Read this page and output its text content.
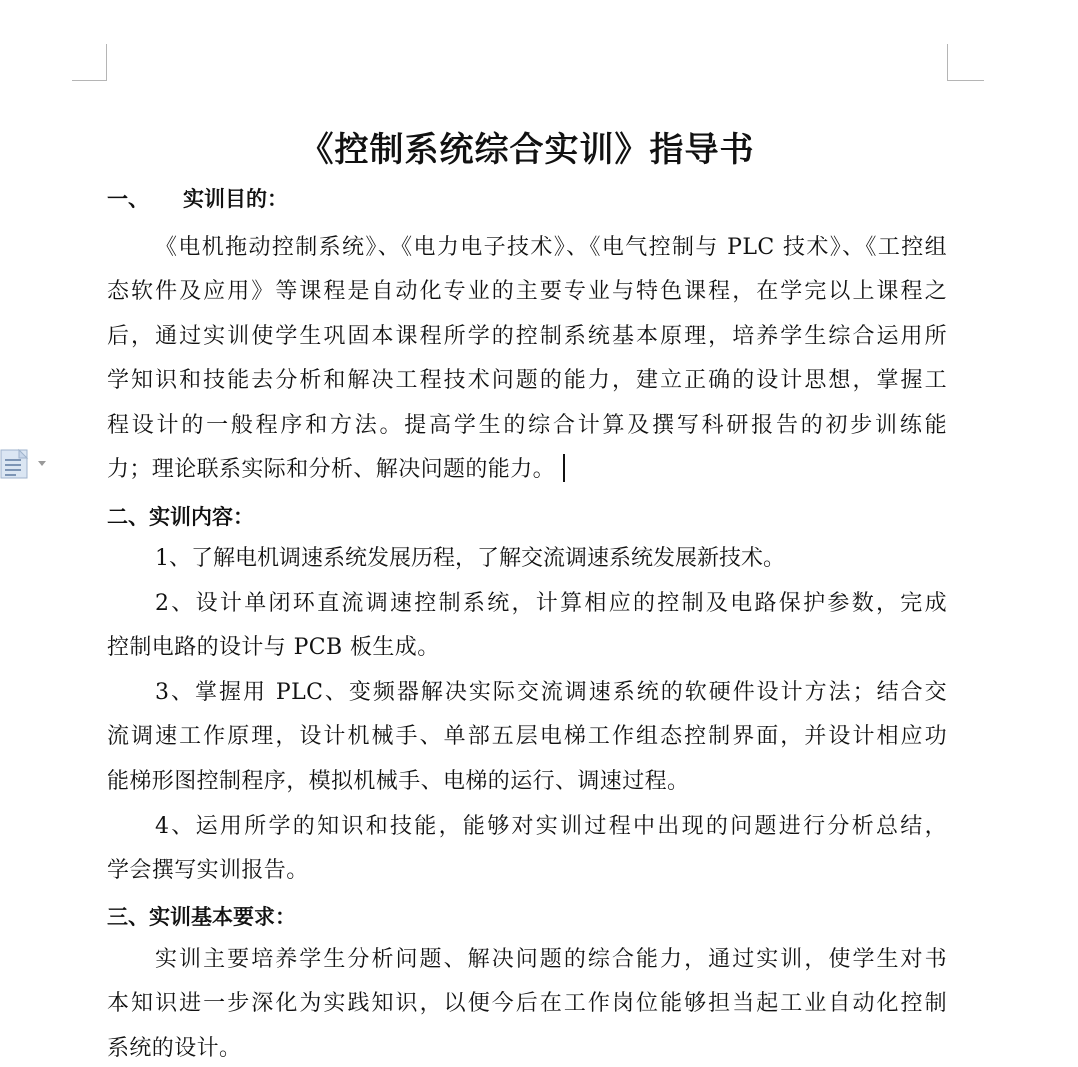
《控制系统综合实训》指导书
一、 实训目的：
《电机拖动控制系统》、《电力电子技术》、《电气控制与 PLC 技术》、《工控组
态软件及应用》等课程是自动化专业的主要专业与特色课程，在学完以上课程之
后，通过实训使学生巩固本课程所学的控制系统基本原理，培养学生综合运用所
学知识和技能去分析和解决工程技术问题的能力，建立正确的设计思想，掌握工
程设计的一般程序和方法。提高学生的综合计算及撰写科研报告的初步训练能
力；理论联系实际和分析、解决问题的能力。
二、实训内容：
1、了解电机调速系统发展历程，了解交流调速系统发展新技术。
2、设计单闭环直流调速控制系统，计算相应的控制及电路保护参数，完成
控制电路的设计与 PCB 板生成。
3、掌握用 PLC、变频器解决实际交流调速系统的软硬件设计方法；结合交
流调速工作原理，设计机械手、单部五层电梯工作组态控制界面，并设计相应功
能梯形图控制程序，模拟机械手、电梯的运行、调速过程。
4、运用所学的知识和技能，能够对实训过程中出现的问题进行分析总结，
学会撰写实训报告。
三、实训基本要求：
实训主要培养学生分析问题、解决问题的综合能力，通过实训，使学生对书
本知识进一步深化为实践知识，以便今后在工作岗位能够担当起工业自动化控制
系统的设计。
